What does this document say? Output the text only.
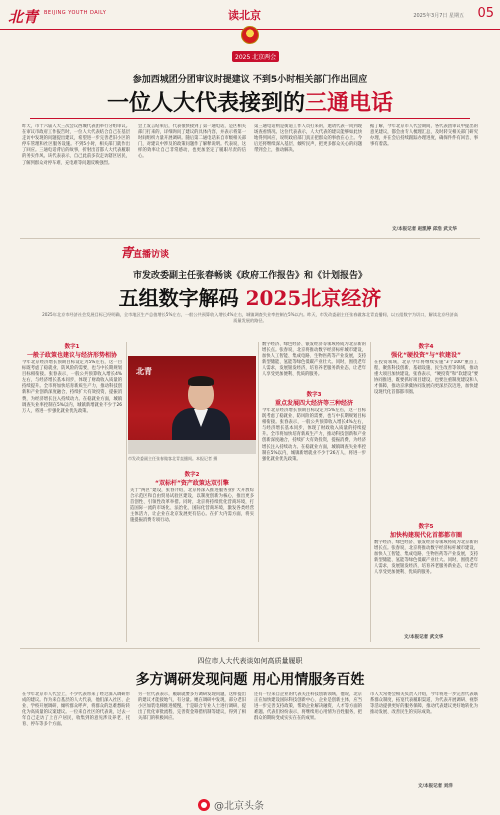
北青 BEIJING YOUTH DAILY	读北京	2025年3月7日 星期五 05
2025 北京两会
参加西城团分团审议时提建议 不到5小时相关部门作出回应
一位人大代表接到的三通电话
昨天，市十六届人大三次会议西城代表团举行分组审议。在审议市政府工作报告时，一位人大代表结合自己在基层走访中发现的问题提出建议，希望进一步完善老旧小区的停车管理和社区服务设施。不到5小时，相关部门就作出了回应。三通电话背后的故事，折射出首都人大代表履职的务实作风。该代表表示，自己此前多次走访辖区居民，了解到群众对停车难、充电难等问题反映强烈。
会上发言结束后，代表很快接到了第一通电话，是区相关部门打来的，详细询问了建议的具体内容，并表示将第一时间组织力量开展调研。随后第二通电话来自市级相关部门，对建议中涉及的政策问题作了解释说明。代表说，这样的效率让自己非常感动，也更加坚定了履职尽责的信心。
第三通电话则是街道工作人员打来的，邀请代表一同到现场查看情况。这位代表表示，人大代表的建议能够如此快地得到回应，说明政府部门真正把群众的事放在心上。今后还将继续深入基层、倾听民声，把更多群众关心的问题带到会上，推动解决。
据了解，今年北京市人代会期间，各代表团审议中提出的意见建议，都会由专人梳理汇总，及时转交相关部门研究办理，并在会后持续跟踪办理进度，确保件件有回音、事事有着落。
文/本报记者 赵凯婷 邱浩 武文华
青直播访谈
市发改委副主任张春畅谈《政府工作报告》和《计划报告》
五组数字解码 2025北京经济
2025年北京市经济社会发展目标已经明确，全市地区生产总值增长5%左右，一般公共预算收入增长4%左右，城镇调查失业率控制在5%以内。昨天，市发改委副主任张春做客北青直播间，以五组数字为切口，解读北京经济高质量发展的路径。
数字1
一般子政策也建议与经济形势相协
今年北京经济增长预期目标设定为5%左右，这一目标既考虑了稳就业、防风险的需要，也与中长期规划目标相衔接。张春表示，一般公共预算收入增长4%左右，与经济增长基本同步，体现了财政收入质量的持续提升。全市将加快培育新质生产力，推动科技创新和产业创新深度融合，持续扩大有效投资，提振消费，为经济增长注入持续动力。在稳就业方面，城镇调查失业率控制在5%以内，城镇新增就业不少于26万人，将进一步强化就业优先政策。
北青
市发改委副主任张春做客北青直播间。本报记者 摄
数字2
“双标杆”资产政策达双引擎
关于“两区”建设，张春介绍，北京将深入推进服务业扩大开放综合示范区和自由贸易试验区建设，以制度创新为核心，推出更多首创性、引领性改革举措。同时，北京将持续优化营商环境，打造国际一流的市场化、法治化、国际化营商环境，激发各类经营主体活力，让企业在北京发展更有信心。在扩大内需方面，将实施提振消费专项行动。
数字经济、绿色经济、银发经济等领域将成为北京新的增长点。张春说，北京将推动数字经济标杆城市建设，加快人工智能、集成电路、生物医药等产业发展，支持新型储能、氢能等绿色低碳产业壮大。同时，围绕老年人需求，发展银发经济，培育养老服务新业态，让老年人享受更加便利、优质的服务。
数字3
重点发展四大经济等三种经济
今年北京经济增长预期目标设定为5%左右，这一目标既考虑了稳就业、防风险的需要，也与中长期规划目标相衔接。张春表示，一般公共预算收入增长4%左右，与经济增长基本同步，体现了财政收入质量的持续提升。全市将加快培育新质生产力，推动科技创新和产业创新深度融合，持续扩大有效投资，提振消费，为经济增长注入持续动力。在稳就业方面，城镇调查失业率控制在5%以内，城镇新增就业不少于26万人，将进一步强化就业优先政策。
数字4
强化“硬投资”与“软建设”
在投资领域，北京今年将继续实施“3个100”重点工程，聚焦科技创新、基础设施、民生改善等领域，推动重大项目加快建设。张春表示，“硬投资”和“软建设”要协同推进，既要抓好项目建设，也要注重制度建设和人才保障，推动京津冀协同发展向更深层次迈进，加快建设现代化首都都市圈。
数字5
加快构建现代化首都都市圈
数字经济、绿色经济、银发经济等领域将成为北京新的增长点。张春说，北京将推动数字经济标杆城市建设，加快人工智能、集成电路、生物医药等产业发展，支持新型储能、氢能等绿色低碳产业壮大。同时，围绕老年人需求，发展银发经济，培育养老服务新业态，让老年人享受更加便利、优质的服务。
文/本报记者 武文华
四位市人大代表谈如何高质量履职
多方调研发现问题 用心用情服务百姓
在今年北京市人代会上，不少代表带来了经过深入调研形成的建议。作为来自基层的人大代表，他们深入社区、企业、学校开展调研，倾听群众呼声，将群众的急难愁盼转化为高质量的议案建议。一位来自社区的代表说，过去一年自己走访了上百户居民，收集到的意见涉及养老、托育、停车等多个方面。
另一位代表表示，履职就要多方调研发现问题，这样提出的建议才能接地气、有分量。她在调研中发现，部分老旧小区加装电梯推进缓慢，于是联合专业人士进行调研，提出了优化审批流程、完善资金筹措机制等建议，得到了相关部门的积极回应。
还有一位来自企业的代表关注科技创新领域，他说，北京正在加快建设国际科技创新中心，企业是创新主体，应当进一步完善支持政策，帮助企业解决融资、人才等方面的难题。代表们纷纷表示，将继续用心用情为百姓服务，把群众的期盼变成实实在在的成果。
市人大常委会相关负责人介绍，今年将进一步完善代表联系群众制度，拓宽代表履职渠道，为代表开展调研、视察等活动提供更好的服务保障，推动代表建议更好地转化为推动发展、改善民生的实际成效。
文/本报记者 刘洋
@北京头条
